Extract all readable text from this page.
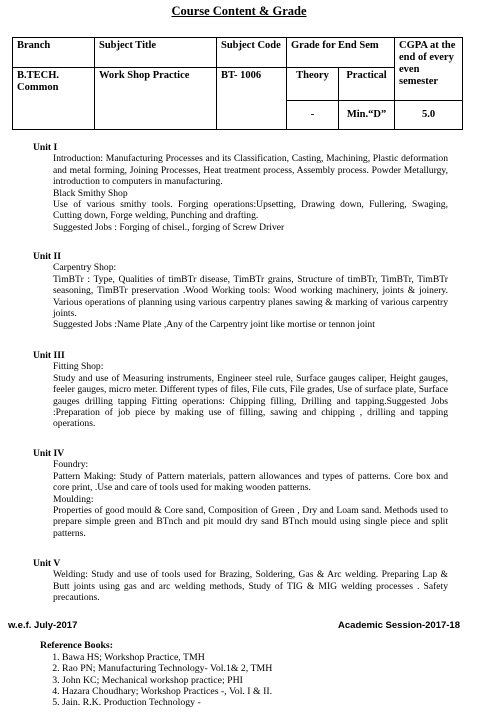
Course Content & Grade
Branch	Subject Title	Subject Code	Grade for End Sem		CGPA at the end of every even semester
B.TECH. Common	Work Shop Practice	BT- 1006	Theory	Practical	
			-	Min.“D”	5.0
Unit I
Introduction: Manufacturing Processes and its Classification, Casting, Machining, Plastic deformation and metal forming, Joining Processes, Heat treatment process, Assembly process. Powder Metallurgy, introduction to computers in manufacturing.
Black Smithy Shop
Use of various smithy tools. Forging operations:Upsetting, Drawing down, Fullering, Swaging, Cutting down, Forge welding, Punching and drafting.
Suggested Jobs : Forging of chisel., forging of Screw Driver
Unit II
Carpentry Shop:
TimBTr : Type, Qualities of timBTr disease, TimBTr grains, Structure of timBTr, TimBTr, TimBTr seasoning, TimBTr preservation .Wood Working tools: Wood working machinery, joints & joinery. Various operations of planning using various carpentry planes sawing & marking of various carpentry joints.
Suggested Jobs :Name Plate ,Any of the Carpentry joint like mortise or tennon joint
Unit III
Fitting Shop:
Study and use of Measuring instruments, Engineer steel rule, Surface gauges caliper, Height gauges, feeler gauges, micro meter. Different types of files, File cuts, File grades, Use of surface plate, Surface gauges drilling tapping Fitting operations: Chipping filling, Drilling and tapping.Suggested Jobs :Preparation of job piece by making use of filling, sawing and chipping , drilling and tapping operations.
Unit IV
Foundry:
Pattern Making: Study of Pattern materials, pattern allowances and types of patterns. Core box and core print, .Use and care of tools used for making wooden patterns.
Moulding:
Properties of good mould & Core sand, Composition of Green , Dry and Loam sand. Methods used to prepare simple green and BTnch and pit mould dry sand BTnch mould using single piece and split patterns.
Unit V
Welding: Study and use of tools used for Brazing, Soldering, Gas & Arc welding. Preparing Lap & Butt joints using gas and arc welding methods, Study of TIG & MIG welding processes . Safety precautions.
w.e.f. July-2017	Academic Session-2017-18
Reference Books:
1. Bawa HS; Workshop Practice, TMH
2. Rao PN; Manufacturing Technology- Vol.1& 2, TMH
3. John KC; Mechanical workshop practice; PHI
4. Hazara Choudhary; Workshop Practices -, Vol. I & II.
5. Jain. R.K. Production Technology -
